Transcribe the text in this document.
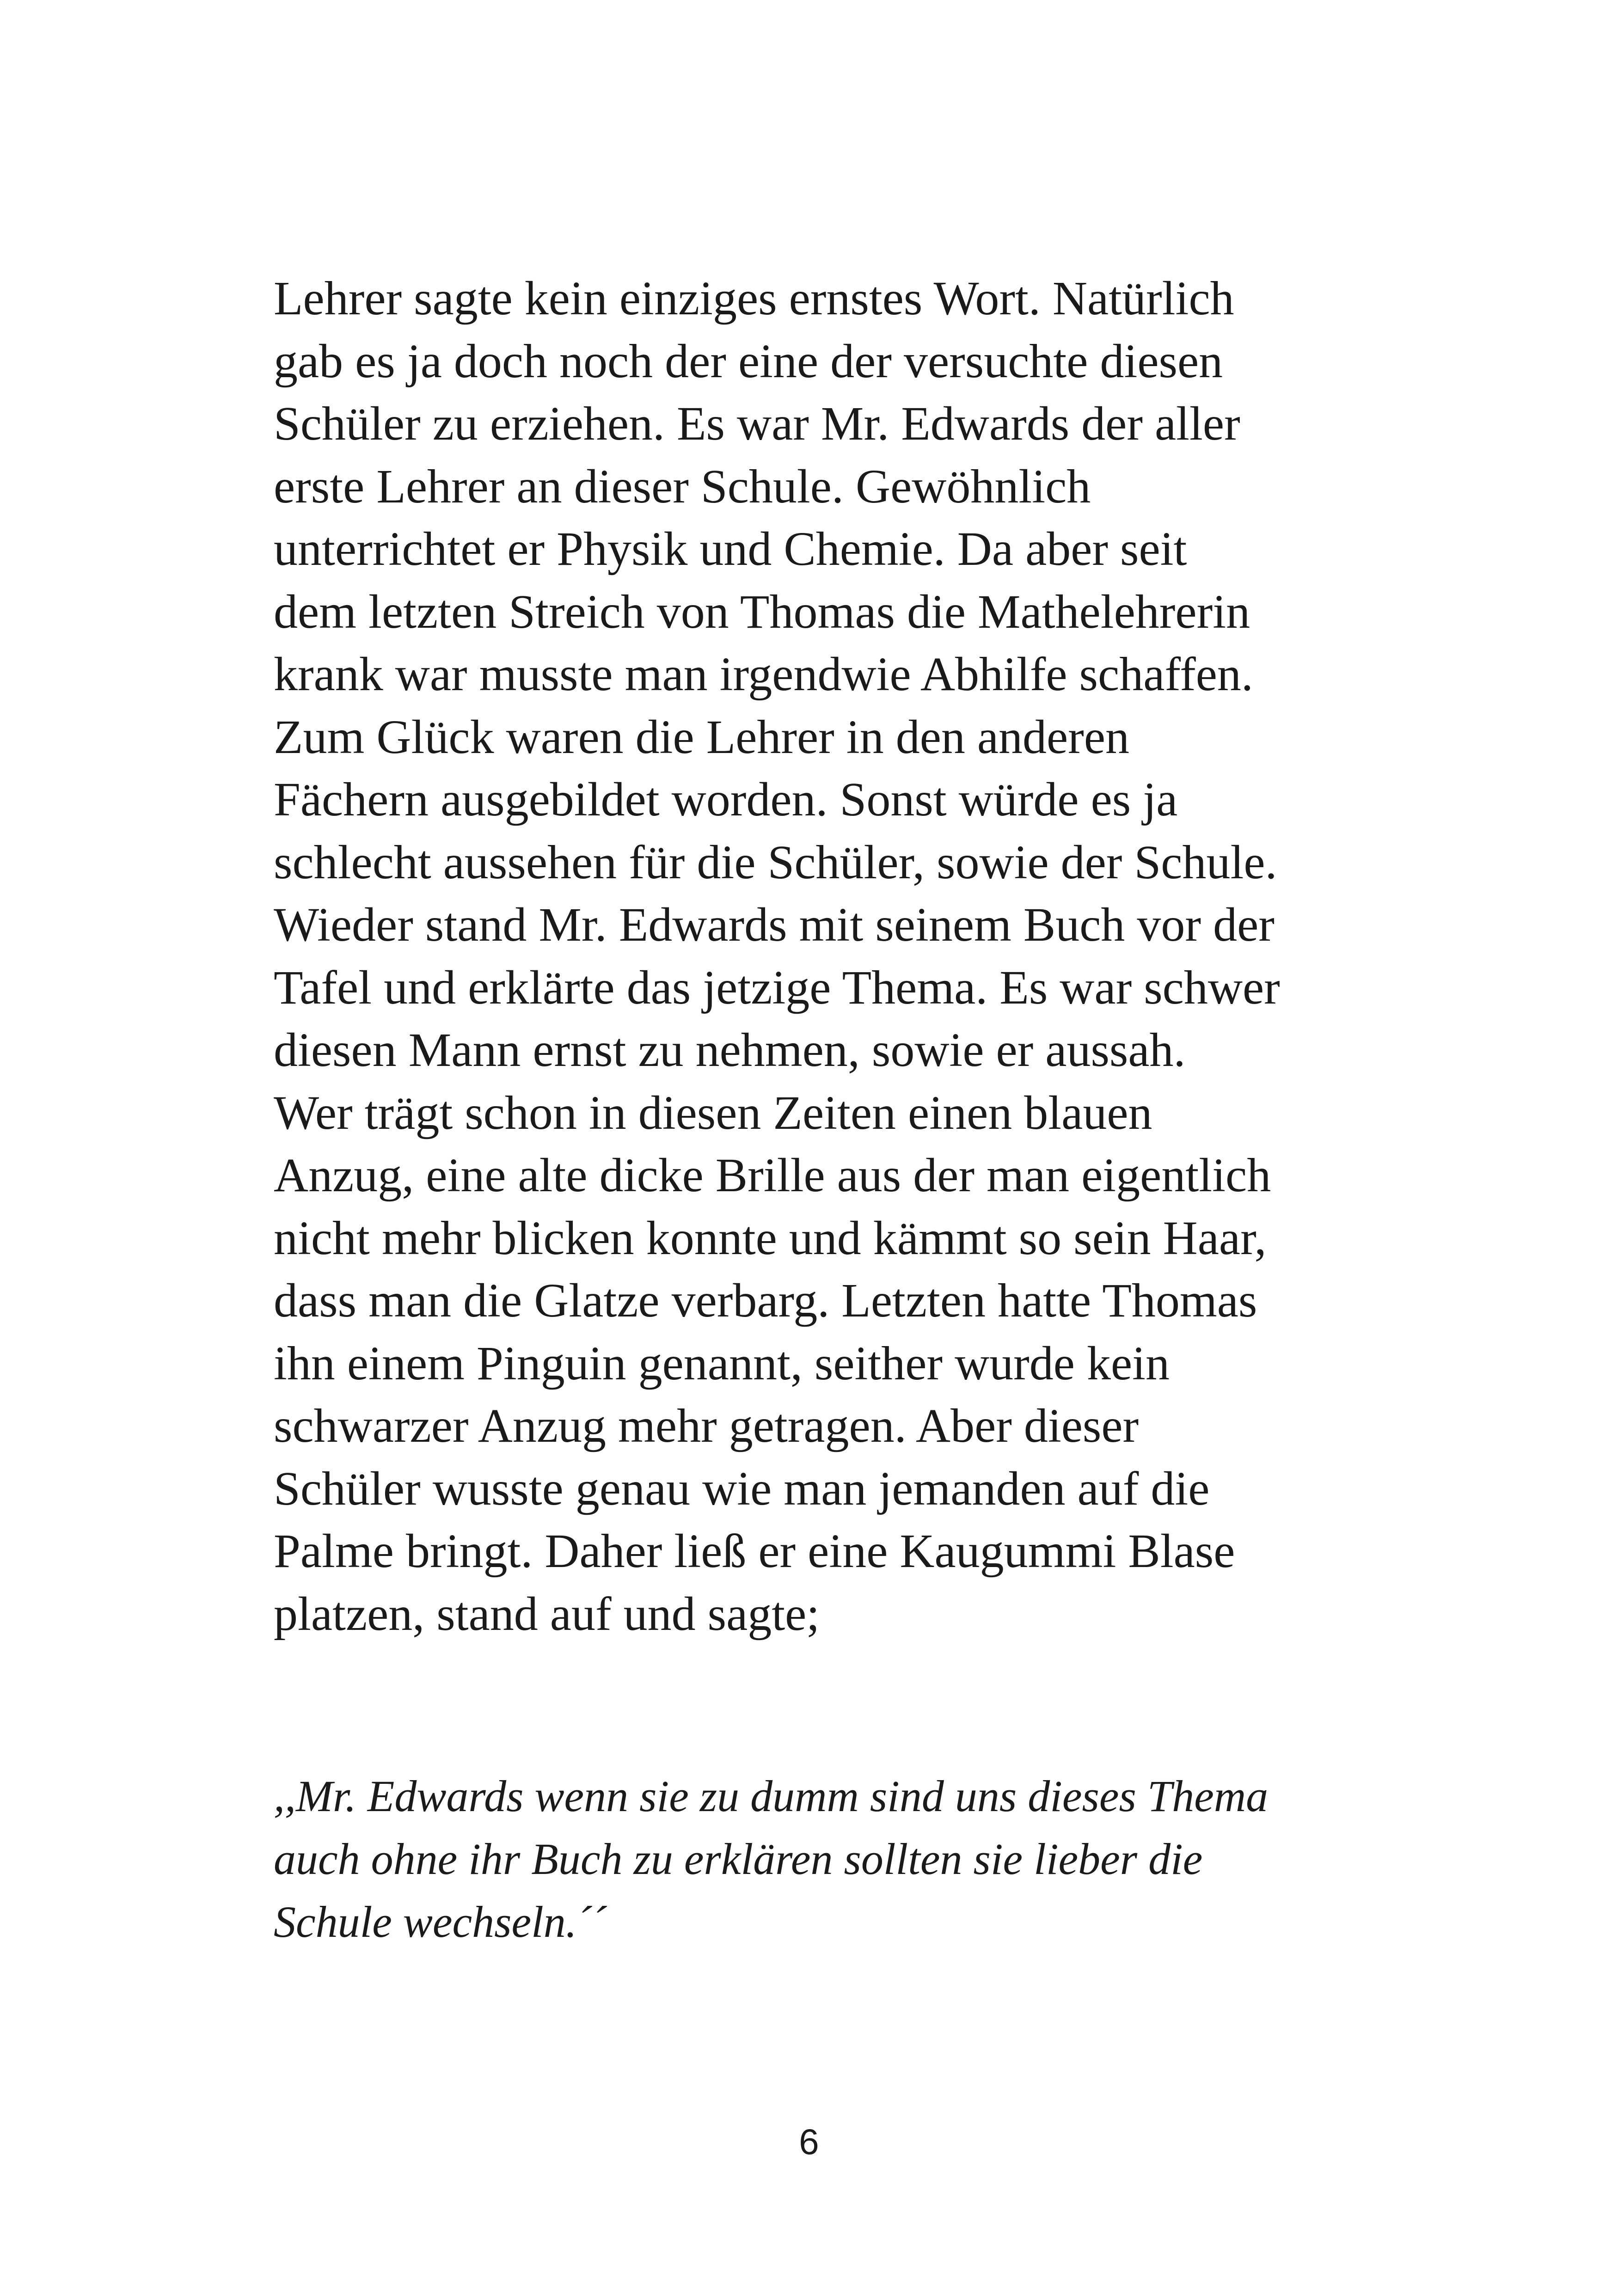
Lehrer sagte kein einziges ernstes Wort. Natürlich
gab es ja doch noch der eine der versuchte diesen
Schüler zu erziehen. Es war Mr. Edwards der aller
erste Lehrer an dieser Schule. Gewöhnlich
unterrichtet er Physik und Chemie. Da aber seit
dem letzten Streich von Thomas die Mathelehrerin
krank war musste man irgendwie Abhilfe schaffen.
Zum Glück waren die Lehrer in den anderen
Fächern ausgebildet worden. Sonst würde es ja
schlecht aussehen für die Schüler, sowie der Schule.
Wieder stand Mr. Edwards mit seinem Buch vor der
Tafel und erklärte das jetzige Thema. Es war schwer
diesen Mann ernst zu nehmen, sowie er aussah.
Wer trägt schon in diesen Zeiten einen blauen
Anzug, eine alte dicke Brille aus der man eigentlich
nicht mehr blicken konnte und kämmt so sein Haar,
dass man die Glatze verbarg. Letzten hatte Thomas
ihn einem Pinguin genannt, seither wurde kein
schwarzer Anzug mehr getragen. Aber dieser
Schüler wusste genau wie man jemanden auf die
Palme bringt. Daher ließ er eine Kaugummi Blase
platzen, stand auf und sagte;
,,Mr. Edwards wenn sie zu dumm sind uns dieses Thema
auch ohne ihr Buch zu erklären sollten sie lieber die
Schule wechseln.´´
6
